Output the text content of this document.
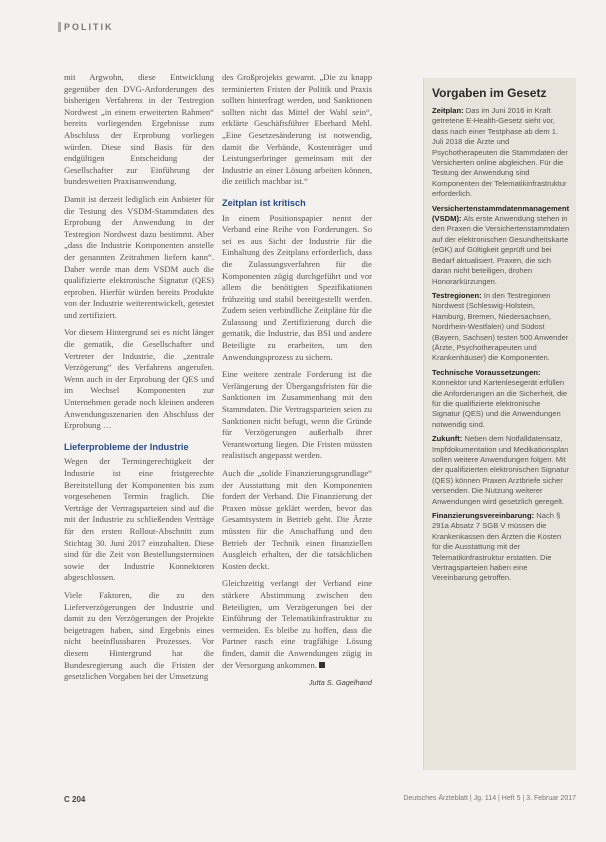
POLITIK

mit Argwohn, diese Entwicklung gegenüber den DVG-Anforderungen des bisherigen Verfahrens in der Testregion Nordwest „in einem erweiterten Rahmen“ bereits vorliegenden Ergebnisse zum Abschluss der Erprobung vorliegen würden. Diese sind Basis für den endgültigen Entscheidung der Gesellschafter zur Einführung der bundesweiten Praxisanwendung.

Damit ist derzeit lediglich ein Anbieter für die Testung des VSDM-Stammdaten des Erprobung der Anwendung in der Testregion Nordwest dazu bestimmt. Aber „dass die Industrie Komponenten anstelle der genannten Zeitrahmen liefern kann“. Daher werde man dem VSDM auch die qualifizierte elektronische Signatur (QES) erproben. Hierfür würden bereits Produkte von der Industrie weiterentwickelt, getestet und zertifiziert.

Vor diesem Hintergrund sei es nicht länger die gematik, die Gesellschafter und Vertreter der Industrie, die „zentrale Verzögerung“ des Verfahrens angerufen. Wenn auch in der Erprobung der QES und im Wechsel Komponenten zur Unternehmen gerade noch kleinen anderen Anwendungsszenarien den Abschluss der Erprobung …

Lieferprobleme der Industrie

Wegen der Termingerechtigkeit der Industrie ist eine fristgerechte Bereitstellung der Komponenten bis zum vorgesehenen Termin fraglich. Die Verträge der Vertragsparteien sind auf die mit der Industrie zu schließenden Verträge für den ersten Rollout-Abschnitt zum Stichtag 30. Juni 2017 einzuhalten. Diese sind für die Zeit von Bestellungsterminen sowie der Industrie Konnektoren abgeschlossen.

Viele Faktoren, die zu den Lieferverzögerungen der Industrie und damit zu den Verzögerungen der Projekte beigetragen haben, sind Ergebnis eines nicht beeinflussbaren Prozesses. Vor diesem Hintergrund hat die Bundesregierung auch die Fristen der gesetzlichen Vorgaben bei der Umsetzung

des Großprojekts gewarnt. „Die zu knapp terminierten Fristen der Politik und Praxis sollten hinterfragt werden, und Sanktionen sollten nicht das Mittel der Wahl sein“, erklärte Geschäftsführer Eberhard Mehl. „Eine Gesetzesänderung ist notwendig, damit die Verbände, Kostenträger und Leistungserbringer gemeinsam mit der Industrie an einer Lösung arbeiten können, die zeitlich machbar ist.“

Zeitplan ist kritisch

In einem Positionspapier nennt der Verband eine Reihe von Forderungen. So sei es aus Sicht der Industrie für die Einhaltung des Zeitplans erforderlich, dass die Zulassungsverfahren für die Komponenten zügig durchgeführt und vor allem die benötigten Spezifikationen frühzeitig und stabil bereitgestellt werden. Zudem seien verbindliche Zeitpläne für die Zulassung und Zertifizierung durch die gematik, die Industrie, das BSI und andere Beteiligte zu erarbeiten, um den Anwendungsprozess zu sichern.

Eine weitere zentrale Forderung ist die Verlängerung der Übergangsfristen für die Sanktionen im Zusammenhang mit den Stammdaten. Die Vertragsparteien seien zu Sanktionen nicht befugt, wenn die Gründe für Verzögerungen außerhalb ihrer Verantwortung liegen. Die Fristen müssten realistisch angepasst werden.

Auch die „solide Finanzierungsgrundlage“ der Ausstattung mit den Komponenten fordert der Verband. Die Finanzierung der Praxen müsse geklärt werden, bevor das Gesamtsystem in Betrieb geht. Die Ärzte müssten für die Anschaffung und den Betrieb der Technik einen finanziellen Ausgleich erhalten, der die tatsächlichen Kosten deckt.

Gleichzeitig verlangt der Verband eine stärkere Abstimmung zwischen den Beteiligten, um Verzögerungen bei der Einführung der Telematikinfrastruktur zu vermeiden. Es bleibe zu hoffen, dass die Partner rasch eine tragfähige Lösung finden, damit die Anwendungen zügig in der Versorgung ankommen.

Jutta S. Gagelhand
Vorgaben im Gesetz
Zeitplan: Das im Juni 2016 in Kraft getretene E-Health-Gesetz sieht vor, dass nach einer Testphase ab dem 1. Juli 2018 die Ärzte und Psychotherapeuten die Stammdaten der Versicherten online abgleichen. Für die Testung der Anwendung sind Komponenten der Telematikinfrastruktur erforderlich.
Versichertenstammdatenmanagement (VSDM): Als erste Anwendung stehen in den Praxen die Versichertenstammdaten auf der elektronischen Gesundheitskarte (eGK) auf Gültigkeit geprüft und bei Bedarf aktualisiert. Praxen, die sich daran nicht beteiligen, drohen Honorarkürzungen.
Testregionen: In den Testregionen Nordwest (Schleswig-Holstein, Hamburg, Bremen, Niedersachsen, Nordrhein-Westfalen) und Südost (Bayern, Sachsen) testen 500 Anwender (Ärzte, Psychotherapeuten und Krankenhäuser) die Komponenten.
Technische Voraussetzungen: Konnektor und Kartenlesegerät erfüllen die Anforderungen an die Sicherheit, die für die qualifizierte elektronische Signatur (QES) und die Anwendungen notwendig sind.
Zukunft: Neben dem Notfalldatensatz, Impfdokumentation und Medikationsplan sollen weitere Anwendungen folgen. Mit der qualifizierten elektronischen Signatur (QES) können Praxen Arztbriefe sicher versenden. Die Nutzung weiterer Anwendungen wird gesetzlich geregelt.
Finanzierungsvereinbarung: Nach § 291a Absatz 7 SGB V müssen die Krankenkassen den Ärzten die Kosten für die Ausstattung mit der Telematikinfrastruktur erstatten. Die Vertragsparteien haben eine Vereinbarung getroffen.
C 204	Deutsches Ärzteblatt | Jg. 114 | Heft 5 | 3. Februar 2017
